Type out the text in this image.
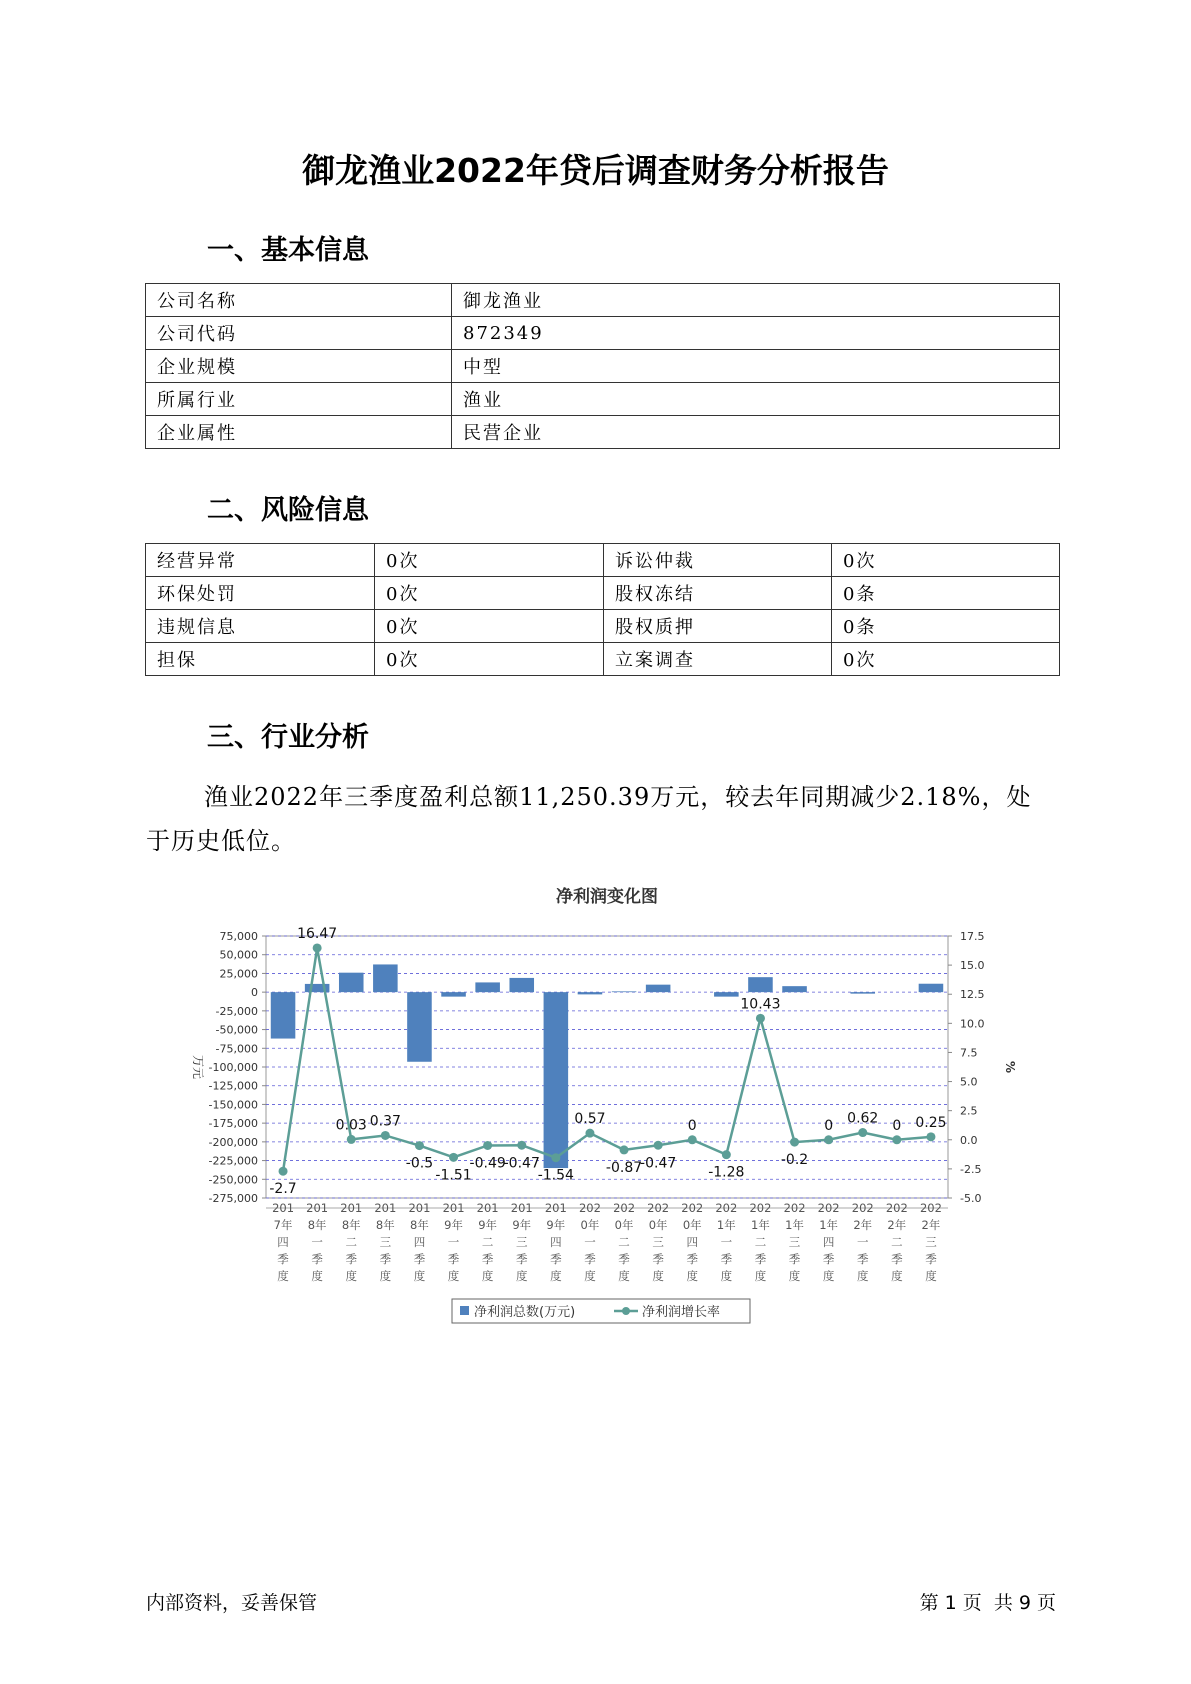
御龙渔业2022年贷后调查财务分析报告
一、基本信息
公司名称	御龙渔业
公司代码	872349
企业规模	中型
所属行业	渔业
企业属性	民营企业
二、风险信息
经营异常	0次	诉讼仲裁	0次
环保处罚	0次	股权冻结	0条
违规信息	0次	股权质押	0条
担保	0次	立案调查	0次
三、行业分析
渔业2022年三季度盈利总额11,250.39万元，较去年同期减少2.18%，处于历史低位。
净利润变化图
75,000
50,000
25,000
0
-25,000
-50,000
-75,000
-100,000
-125,000
-150,000
-175,000
-200,000
-225,000
-250,000
-275,000
17.5
15.0
12.5
10.0
7.5
5.0
2.5
0.0
-2.5
-5.0
万元	%
-2.7
16.47
0.03 0.37
-0.5
-1.51
-0.49
-0.47
-1.54
0.57
-0.87
-0.47
0
-1.28
10.43
-0.2
0 0.62 0 0.25
201 7年四季度
201 8年一季度
201 8年二季度
201 8年三季度
201 8年四季度
201 9年一季度
201 9年二季度
201 9年三季度
201 9年四季度
202 0年一季度
202 0年二季度
202 0年三季度
202 0年四季度
202 1年一季度
202 1年二季度
202 1年三季度
202 1年四季度
202 2年一季度
202 2年二季度
202 2年三季度
净利润总数(万元)	净利润增长率
内部资料，妥善保管	第 1 页  共 9 页
